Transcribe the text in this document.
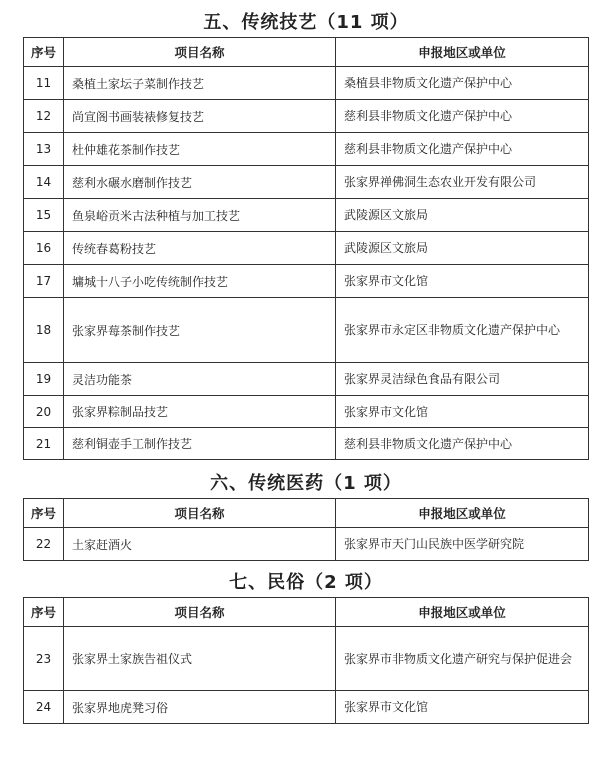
五、传统技艺（11 项）
序号	项目名称	申报地区或单位
11	桑植土家坛子菜制作技艺	桑植县非物质文化遗产保护中心
12	尚宣阁书画装裱修复技艺	慈利县非物质文化遗产保护中心
13	杜仲雄花茶制作技艺	慈利县非物质文化遗产保护中心
14	慈利水碾水磨制作技艺	张家界禅佛洞生态农业开发有限公司
15	鱼泉峪贡米古法种植与加工技艺	武陵源区文旅局
16	传统春葛粉技艺	武陵源区文旅局
17	墉城十八子小吃传统制作技艺	张家界市文化馆
18	张家界莓茶制作技艺	张家界市永定区非物质文化遗产保护中心
19	灵洁功能茶	张家界灵洁绿色食品有限公司
20	张家界粽制品技艺	张家界市文化馆
21	慈利铜壶手工制作技艺	慈利县非物质文化遗产保护中心
六、传统医药（1 项）
序号	项目名称	申报地区或单位
22	土家赶酒火	张家界市天门山民族中医学研究院
七、民俗（2 项）
序号	项目名称	申报地区或单位
23	张家界土家族告祖仪式	张家界市非物质文化遗产研究与保护促进会
24	张家界地虎凳习俗	张家界市文化馆
